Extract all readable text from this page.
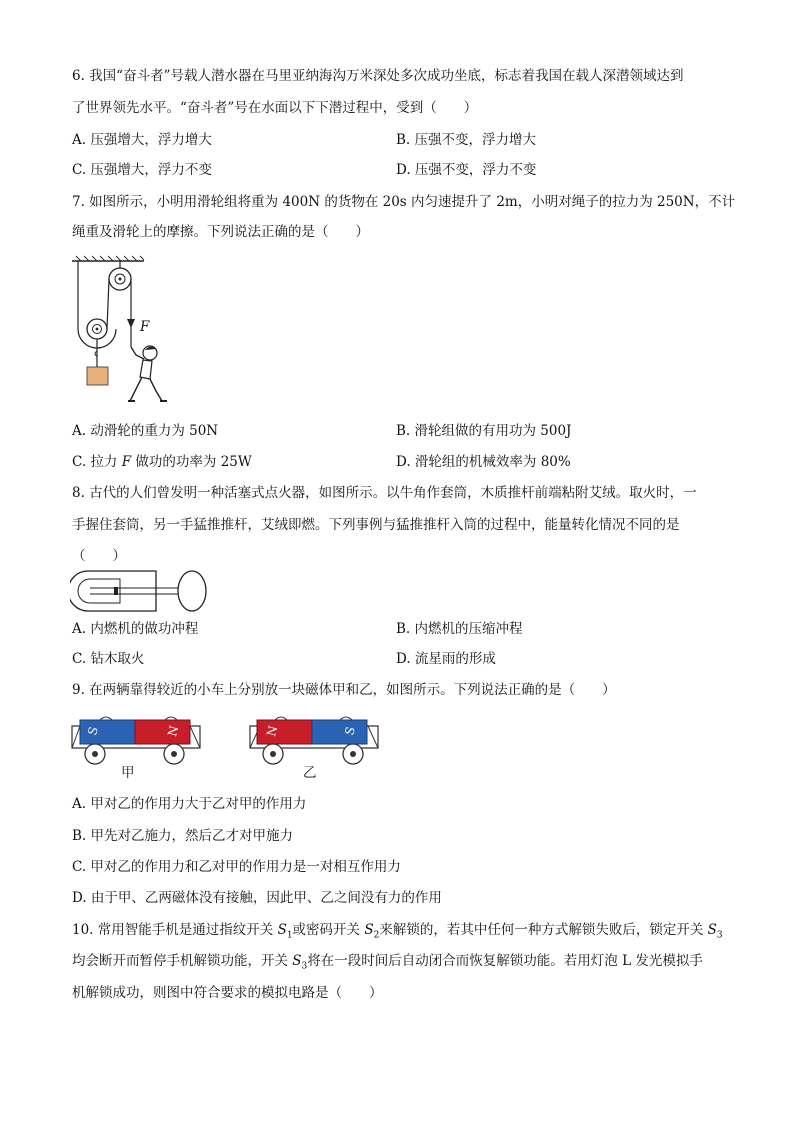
6. 我国“奋斗者”号载人潜水器在马里亚纳海沟万米深处多次成功坐底，标志着我国在载人深潜领域达到
了世界领先水平。“奋斗者”号在水面以下下潜过程中，受到（　　）
A. 压强增大，浮力增大	B. 压强不变，浮力增大
C. 压强增大，浮力不变	D. 压强不变，浮力不变
7. 如图所示，小明用滑轮组将重为 400N 的货物在 20s 内匀速提升了 2m，小明对绳子的拉力为 250N，不计
绳重及滑轮上的摩擦。下列说法正确的是（　　）
F
A. 动滑轮的重力为 50N	B. 滑轮组做的有用功为 500J
C. 拉力 F 做功的功率为 25W	D. 滑轮组的机械效率为 80%
8. 古代的人们曾发明一种活塞式点火器，如图所示。以牛角作套筒，木质推杆前端粘附艾绒。取火时，一
手握住套筒，另一手猛推推杆，艾绒即燃。下列事例与猛推推杆入筒的过程中，能量转化情况不同的是
（　　）
A. 内燃机的做功冲程	B. 内燃机的压缩冲程
C. 钻木取火	D. 流星雨的形成
9. 在两辆靠得较近的小车上分别放一块磁体甲和乙，如图所示。下列说法正确的是（　　）
S	N	N	S
甲	乙
A. 甲对乙的作用力大于乙对甲的作用力
B. 甲先对乙施力，然后乙才对甲施力
C. 甲对乙的作用力和乙对甲的作用力是一对相互作用力
D. 由于甲、乙两磁体没有接触，因此甲、乙之间没有力的作用
10. 常用智能手机是通过指纹开关 $S_1$或密码开关 $S_2$来解锁的，若其中任何一种方式解锁失败后，锁定开关 $S_3$
均会断开而暂停手机解锁功能，开关 $S_3$将在一段时间后自动闭合而恢复解锁功能。若用灯泡 L 发光模拟手
机解锁成功，则图中符合要求的模拟电路是（　　）
